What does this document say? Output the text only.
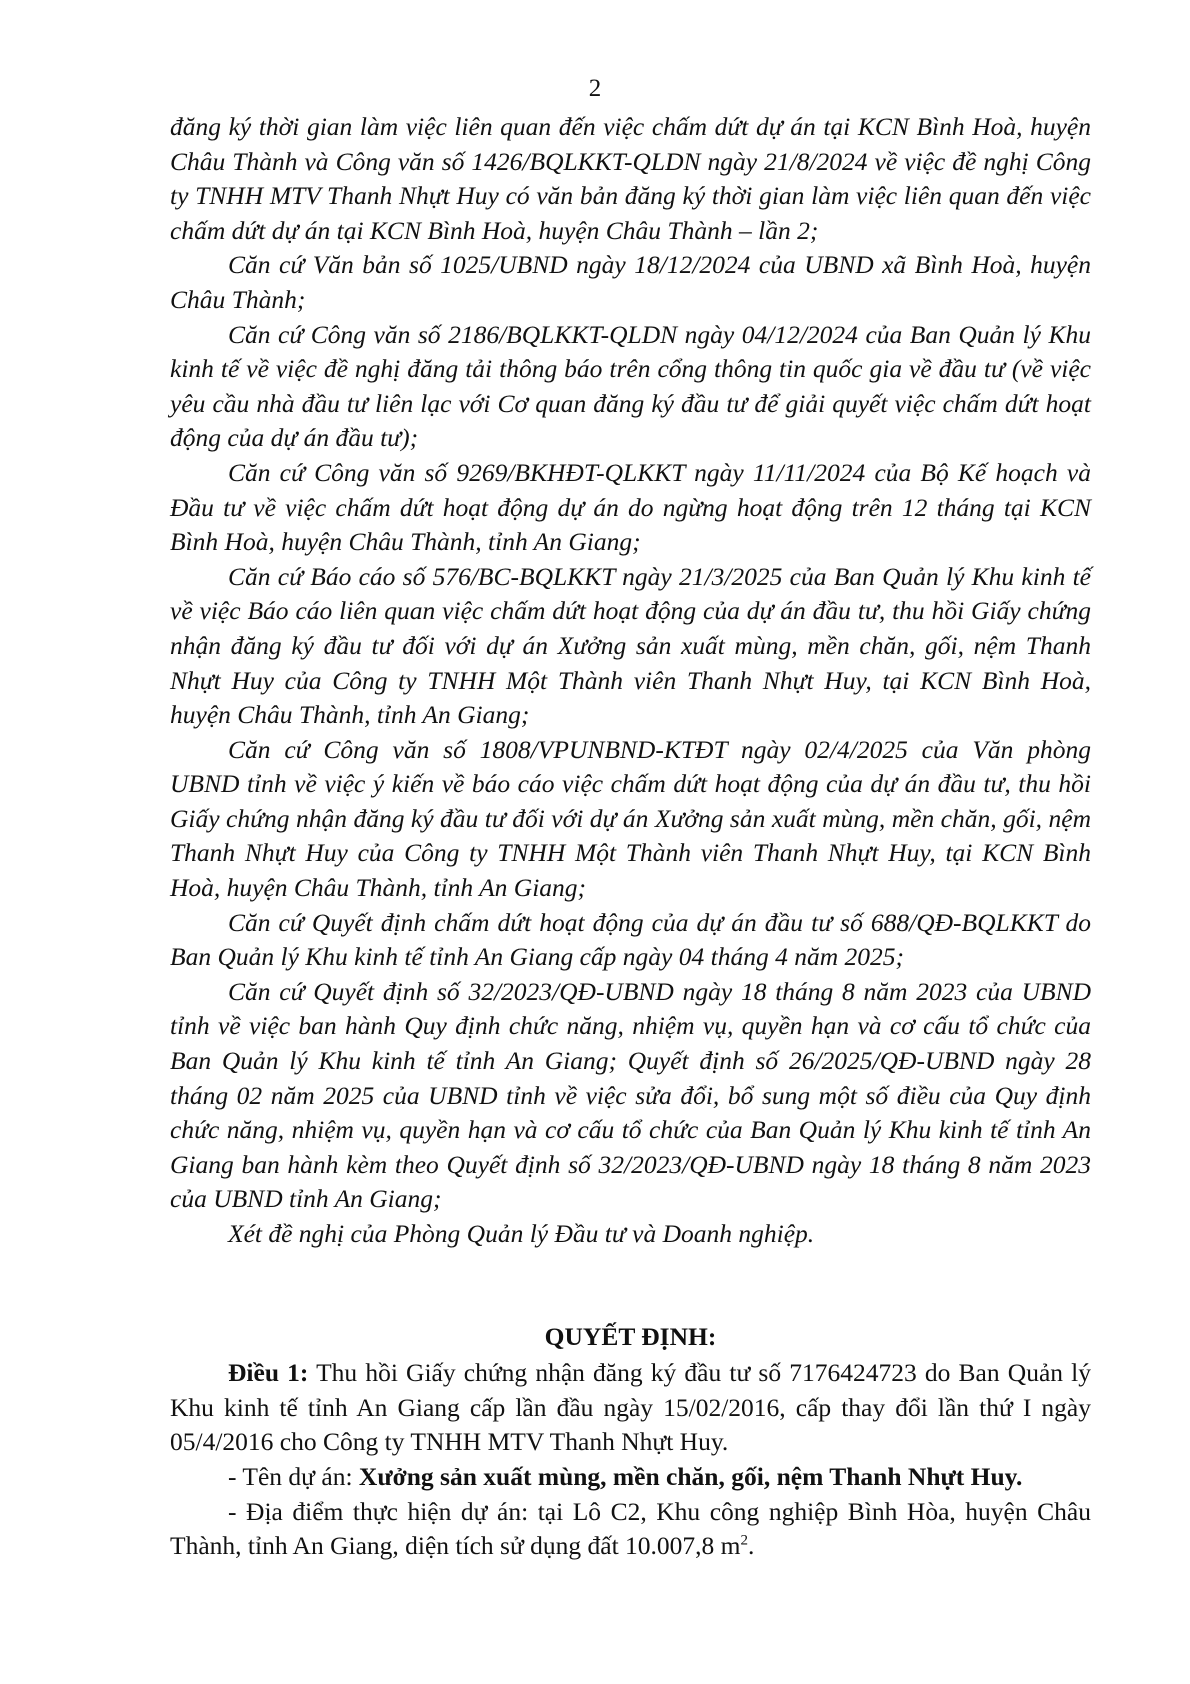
2

đăng ký thời gian làm việc liên quan đến việc chấm dứt dự án tại KCN Bình Hoà, huyện Châu Thành và Công văn số 1426/BQLKKT-QLDN ngày 21/8/2024 về việc đề nghị Công ty TNHH MTV Thanh Nhựt Huy có văn bản đăng ký thời gian làm việc liên quan đến việc chấm dứt dự án tại KCN Bình Hoà, huyện Châu Thành – lần 2;

Căn cứ Văn bản số 1025/UBND ngày 18/12/2024 của UBND xã Bình Hoà, huyện Châu Thành;

Căn cứ Công văn số 2186/BQLKKT-QLDN ngày 04/12/2024 của Ban Quản lý Khu kinh tế về việc đề nghị đăng tải thông báo trên cổng thông tin quốc gia về đầu tư (về việc yêu cầu nhà đầu tư liên lạc với Cơ quan đăng ký đầu tư để giải quyết việc chấm dứt hoạt động của dự án đầu tư);

Căn cứ Công văn số 9269/BKHĐT-QLKKT ngày 11/11/2024 của Bộ Kế hoạch và Đầu tư về việc chấm dứt hoạt động dự án do ngừng hoạt động trên 12 tháng tại KCN Bình Hoà, huyện Châu Thành, tỉnh An Giang;

Căn cứ Báo cáo số 576/BC-BQLKKT ngày 21/3/2025 của Ban Quản lý Khu kinh tế về việc Báo cáo liên quan việc chấm dứt hoạt động của dự án đầu tư, thu hồi Giấy chứng nhận đăng ký đầu tư đối với dự án Xưởng sản xuất mùng, mền chăn, gối, nệm Thanh Nhựt Huy của Công ty TNHH Một Thành viên Thanh Nhựt Huy, tại KCN Bình Hoà, huyện Châu Thành, tỉnh An Giang;

Căn cứ Công văn số 1808/VPUNBND-KTĐT ngày 02/4/2025 của Văn phòng UBND tỉnh về việc ý kiến về báo cáo việc chấm dứt hoạt động của dự án đầu tư, thu hồi Giấy chứng nhận đăng ký đầu tư đối với dự án Xưởng sản xuất mùng, mền chăn, gối, nệm Thanh Nhựt Huy của Công ty TNHH Một Thành viên Thanh Nhựt Huy, tại KCN Bình Hoà, huyện Châu Thành, tỉnh An Giang;

Căn cứ Quyết định chấm dứt hoạt động của dự án đầu tư số 688/QĐ-BQLKKT do Ban Quản lý Khu kinh tế tỉnh An Giang cấp ngày 04 tháng 4 năm 2025;

Căn cứ Quyết định số 32/2023/QĐ-UBND ngày 18 tháng 8 năm 2023 của UBND tỉnh về việc ban hành Quy định chức năng, nhiệm vụ, quyền hạn và cơ cấu tổ chức của Ban Quản lý Khu kinh tế tỉnh An Giang; Quyết định số 26/2025/QĐ-UBND ngày 28 tháng 02 năm 2025 của UBND tỉnh về việc sửa đổi, bổ sung một số điều của Quy định chức năng, nhiệm vụ, quyền hạn và cơ cấu tổ chức của Ban Quản lý Khu kinh tế tỉnh An Giang ban hành kèm theo Quyết định số 32/2023/QĐ-UBND ngày 18 tháng 8 năm 2023 của UBND tỉnh An Giang;

Xét đề nghị của Phòng Quản lý Đầu tư và Doanh nghiệp.

QUYẾT ĐỊNH:

Điều 1: Thu hồi Giấy chứng nhận đăng ký đầu tư số 7176424723 do Ban Quản lý Khu kinh tế tỉnh An Giang cấp lần đầu ngày 15/02/2016, cấp thay đổi lần thứ I ngày 05/4/2016 cho Công ty TNHH MTV Thanh Nhựt Huy.

- Tên dự án: Xưởng sản xuất mùng, mền chăn, gối, nệm Thanh Nhựt Huy.

- Địa điểm thực hiện dự án: tại Lô C2, Khu công nghiệp Bình Hòa, huyện Châu Thành, tỉnh An Giang, diện tích sử dụng đất 10.007,8 $m^2$.
